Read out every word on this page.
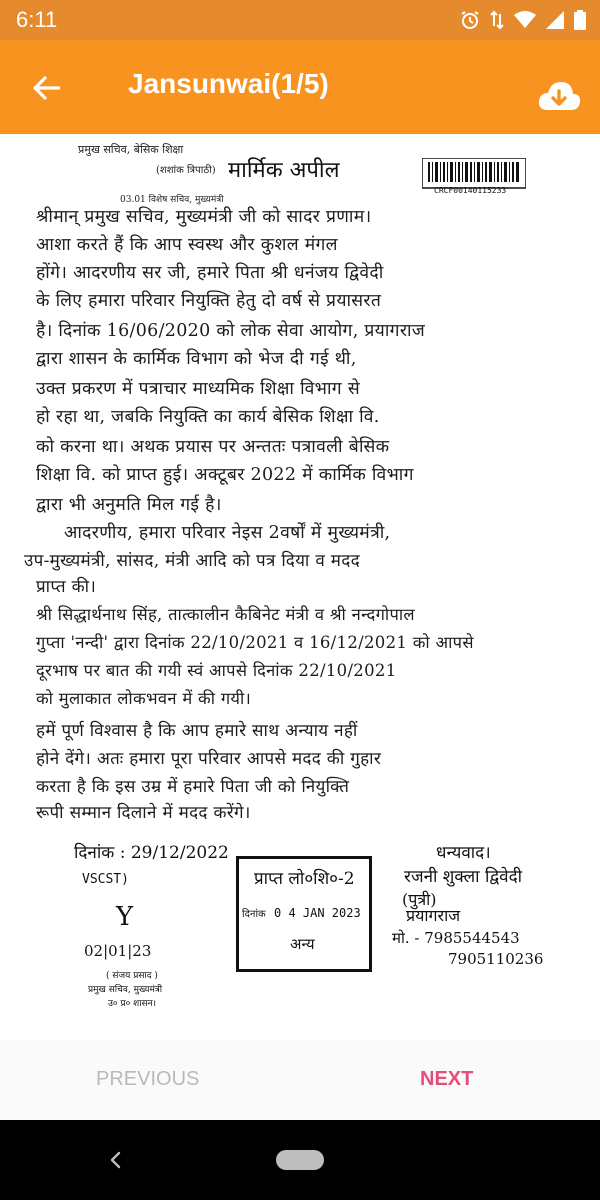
6:11
Jansunwai(1/5)
प्रमुख सचिव, बेसिक शिक्षा
(शशांक त्रिपाठी)
03.01 विशेष सचिव, मुख्यमंत्री
मार्मिक अपील
CRCF00140115233
श्रीमान् प्रमुख सचिव, मुख्यमंत्री जी को सादर प्रणाम।
आशा करते हैं कि आप स्वस्थ और कुशल मंगल
होंगे। आदरणीय सर जी, हमारे पिता श्री धनंजय द्विवेदी
के लिए हमारा परिवार नियुक्ति हेतु दो वर्ष से प्रयासरत
है। दिनांक 16/06/2020 को लोक सेवा आयोग, प्रयागराज
द्वारा शासन के कार्मिक विभाग को भेज दी गई थी,
उक्त प्रकरण में पत्राचार माध्यमिक शिक्षा विभाग से
हो रहा था, जबकि नियुक्ति का कार्य बेसिक शिक्षा वि.
को करना था। अथक प्रयास पर अन्ततः पत्रावली बेसिक
शिक्षा वि. को प्राप्त हुई। अक्टूबर 2022 में कार्मिक विभाग
द्वारा भी अनुमति मिल गई है।
आदरणीय, हमारा परिवार नेइस 2वर्षों में मुख्यमंत्री,
उप-मुख्यमंत्री, सांसद, मंत्री आदि को पत्र दिया व मदद
प्राप्त की।
श्री सिद्धार्थनाथ सिंह, तात्कालीन कैबिनेट मंत्री व श्री नन्दगोपाल
गुप्ता 'नन्दी' द्वारा दिनांक 22/10/2021 व 16/12/2021 को आपसे
दूरभाष पर बात की गयी स्वं आपसे दिनांक 22/10/2021
को मुलाकात लोकभवन में की गयी।
हमें पूर्ण विश्वास है कि आप हमारे साथ अन्याय नहीं
होने देंगे। अतः हमारा पूरा परिवार आपसे मदद की गुहार
करता है कि इस उम्र में हमारे पिता जी को नियुक्ति
रूपी सम्मान दिलाने में मदद करेंगे।
दिनांक : 29/12/2022	धन्यवाद।
रजनी शुक्ला द्विवेदी
(पुत्री)
प्रयागराज
मो. - 7985544543
7905110236
VSCST)
Y
02|01|23
( संजय प्रसाद )
प्रमुख सचिव, मुख्यमंत्री
उ० प्र० शासन।
प्राप्त लो०शि०-2
दिनांक 0 4 JAN 2023
अन्य
PREVIOUS	NEXT
